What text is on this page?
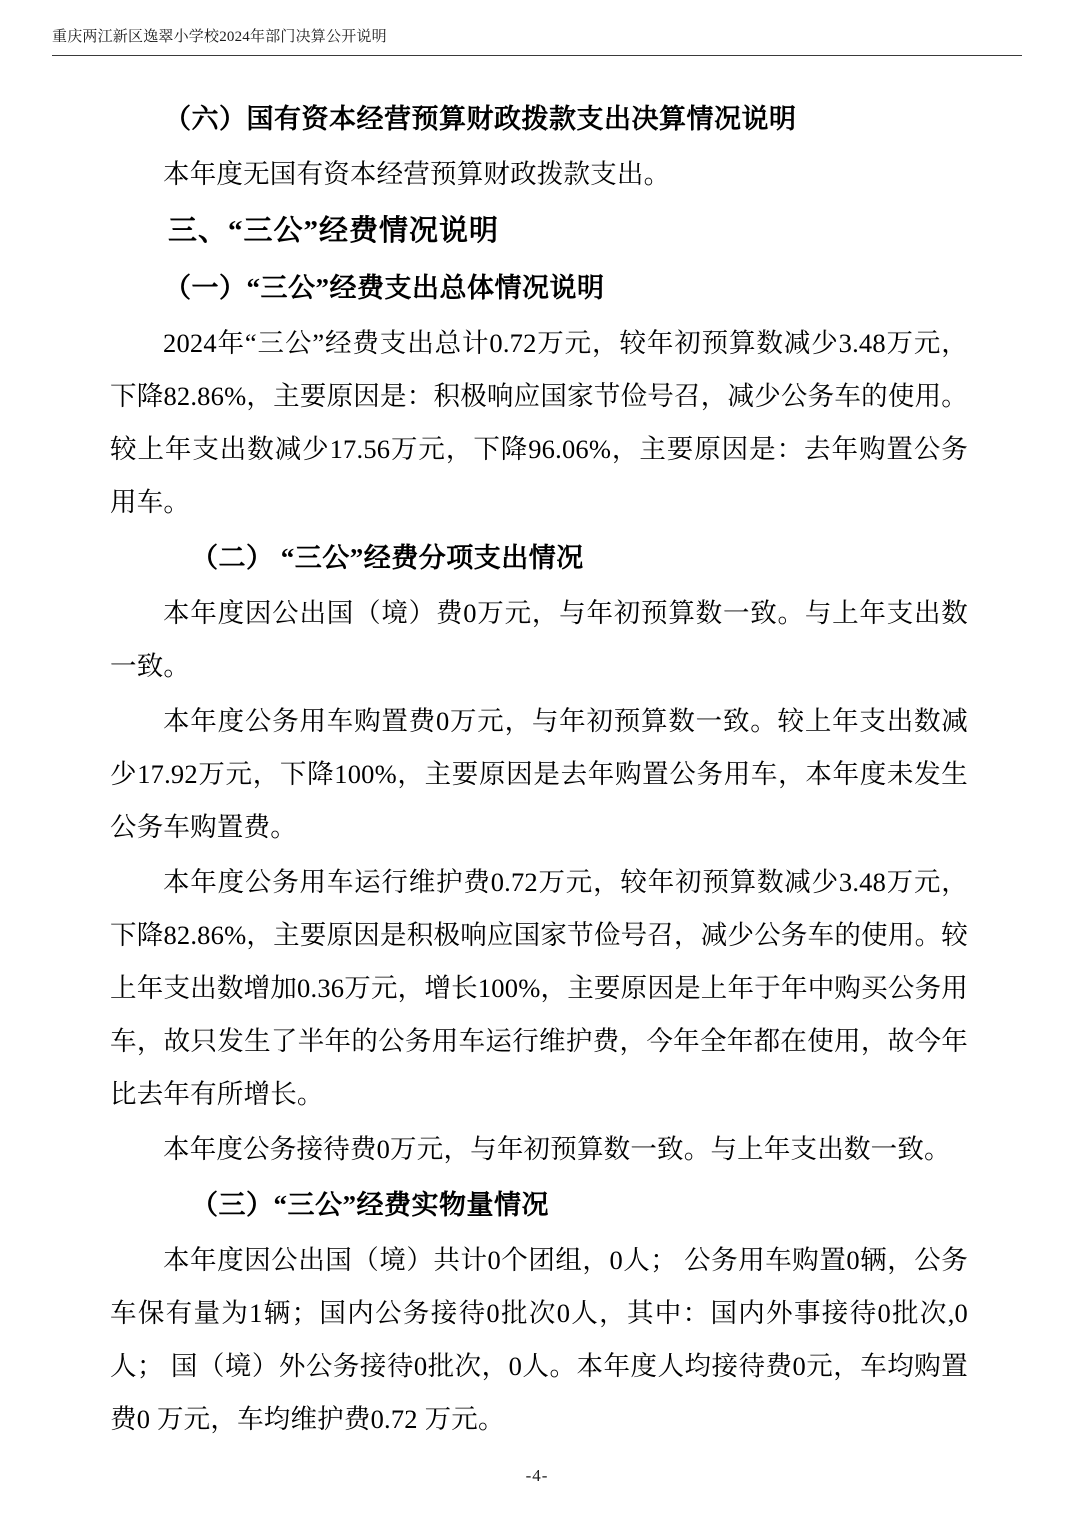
重庆两江新区逸翠小学校2024年部门决算公开说明

（六）国有资本经营预算财政拨款支出决算情况说明

本年度无国有资本经营预算财政拨款支出。

三、“三公”经费情况说明

（一）“三公”经费支出总体情况说明

2024年“三公”经费支出总计0.72万元，较年初预算数减少3.48万元，下降82.86%，主要原因是：积极响应国家节俭号召，减少公务车的使用。较上年支出数减少17.56万元，下降96.06%，主要原因是：去年购置公务用车。

（二） “三公”经费分项支出情况

本年度因公出国（境）费0万元，与年初预算数一致。与上年支出数一致。

本年度公务用车购置费0万元，与年初预算数一致。较上年支出数减少17.92万元，下降100%，主要原因是去年购置公务用车，本年度未发生公务车购置费。

本年度公务用车运行维护费0.72万元，较年初预算数减少3.48万元，下降82.86%，主要原因是积极响应国家节俭号召，减少公务车的使用。较上年支出数增加0.36万元，增长100%，主要原因是上年于年中购买公务用车，故只发生了半年的公务用车运行维护费，今年全年都在使用，故今年比去年有所增长。

本年度公务接待费0万元，与年初预算数一致。与上年支出数一致。

（三）“三公”经费实物量情况

本年度因公出国（境）共计0个团组，0人； 公务用车购置0辆，公务车保有量为1辆；国内公务接待0批次0人，其中：国内外事接待0批次,0人； 国（境）外公务接待0批次，0人。本年度人均接待费0元，车均购置费0 万元，车均维护费0.72 万元。

-4-
